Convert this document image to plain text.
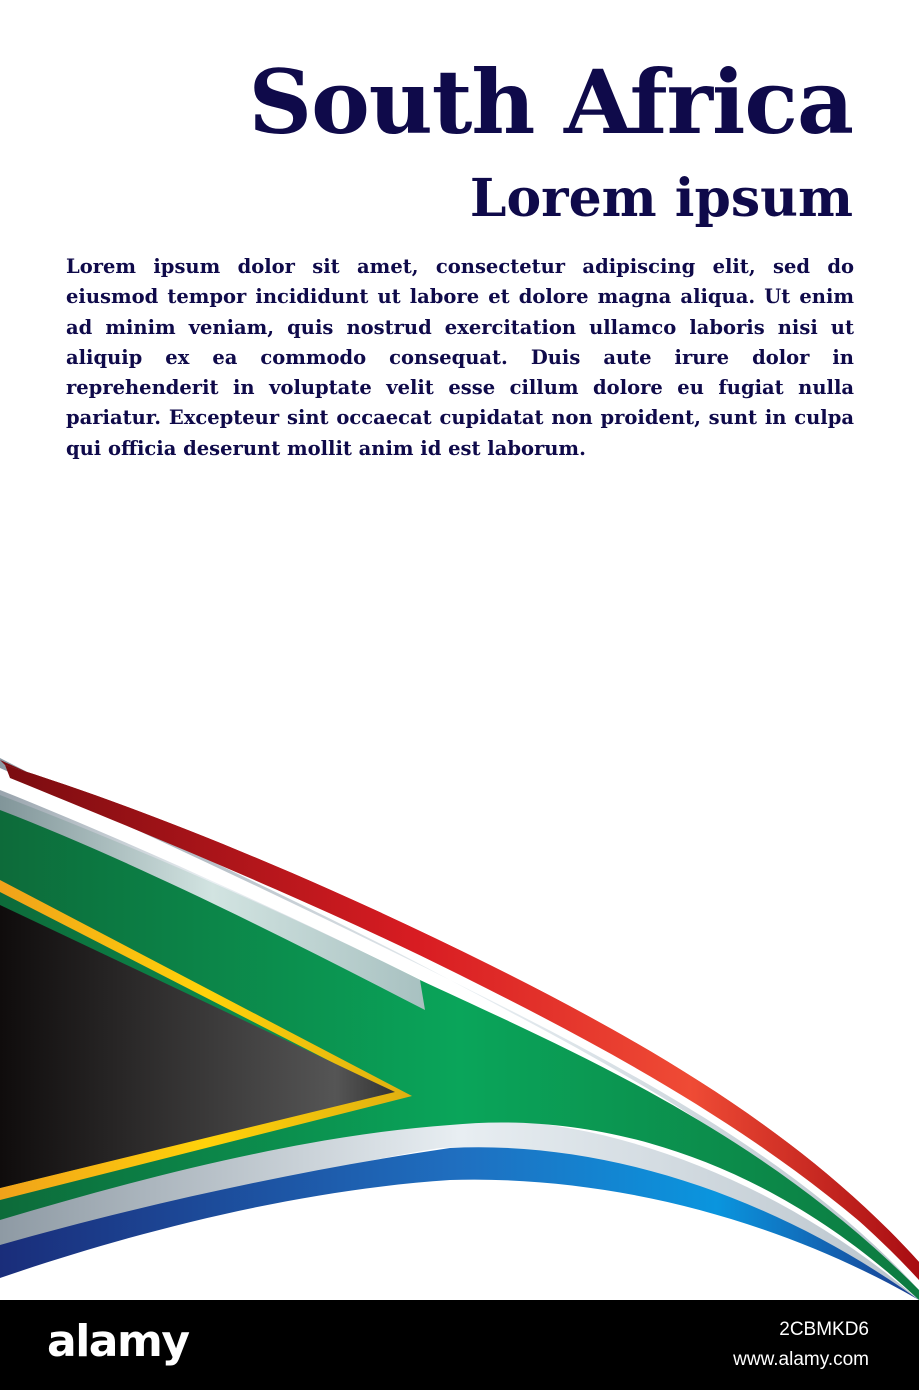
South Africa
Lorem ipsum

Lorem ipsum dolor sit amet, consectetur adipiscing elit, sed do eiusmod tempor incididunt ut labore et dolore magna aliqua. Ut enim ad minim veniam, quis nostrud exercitation ullamco laboris nisi ut aliquip ex ea commodo consequat. Duis aute irure dolor in reprehenderit in voluptate velit esse cillum dolore eu fugiat nulla pariatur. Excepteur sint occaecat cupidatat non proident, sunt in culpa qui officia deserunt mollit anim id est laborum.

alamy	2CBMKD6
www.alamy.com
